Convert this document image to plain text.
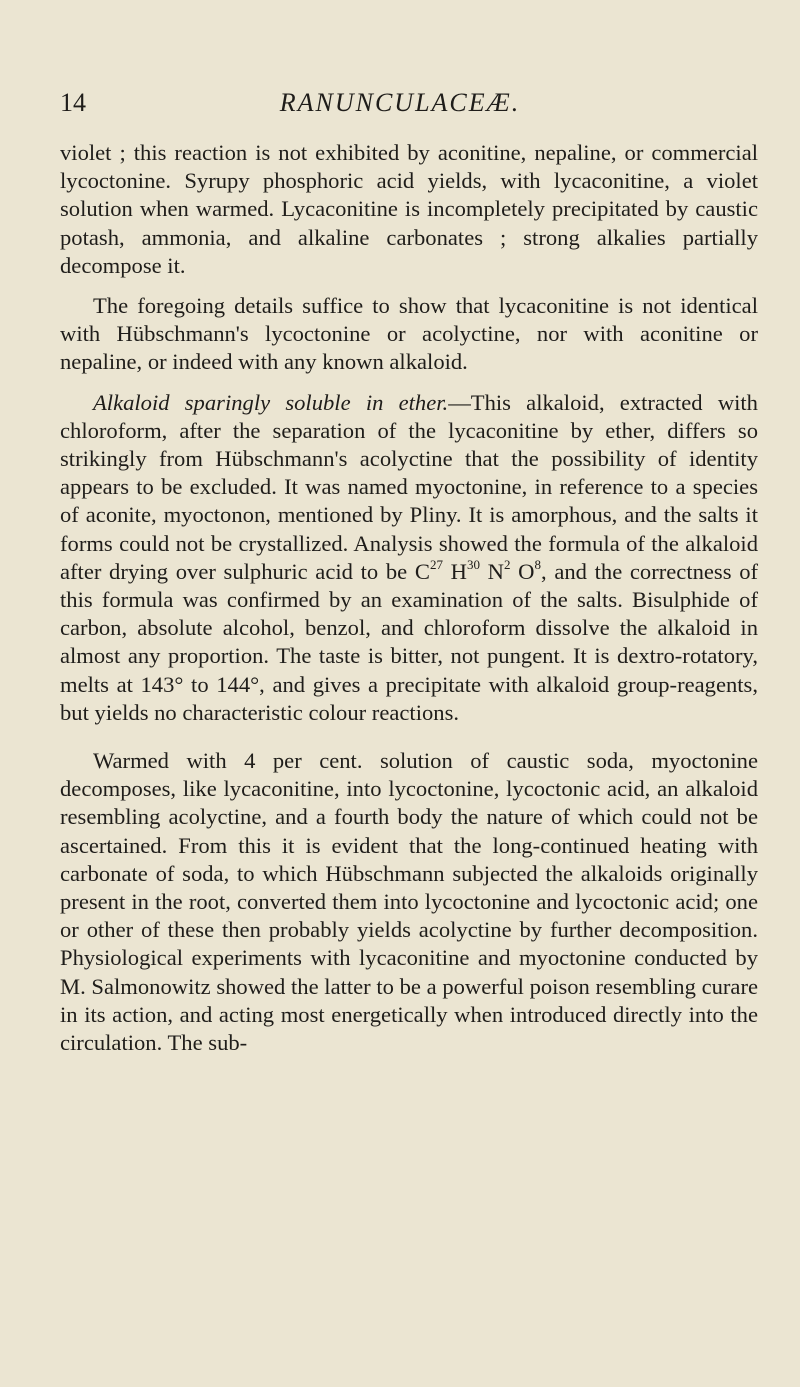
14	RANUNCULACEÆ.

violet ; this reaction is not exhibited by aconitine, nepaline, or commercial lycoctonine. Syrupy phosphoric acid yields, with lycaconitine, a violet solution when warmed. Lycaconitine is incompletely precipitated by caustic potash, ammonia, and alkaline carbonates ; strong alkalies partially decompose it.

The foregoing details suffice to show that lycaconitine is not identical with Hübschmann's lycoctonine or acolyctine, nor with aconitine or nepaline, or indeed with any known alkaloid.

Alkaloid sparingly soluble in ether.—This alkaloid, extracted with chloroform, after the separation of the lycaconitine by ether, differs so strikingly from Hübschmann's acolyctine that the possibility of identity appears to be excluded. It was named myoctonine, in reference to a species of aconite, myoctonon, mentioned by Pliny. It is amorphous, and the salts it forms could not be crystallized. Analysis showed the formula of the alkaloid after drying over sulphuric acid to be $C^{27}$ $H^{30}$ $N^2$ $O^8$, and the correctness of this formula was confirmed by an examination of the salts. Bisulphide of carbon, absolute alcohol, benzol, and chloroform dissolve the alkaloid in almost any proportion. The taste is bitter, not pungent. It is dextro-rotatory, melts at 143° to 144°, and gives a precipitate with alkaloid group-reagents, but yields no characteristic colour reactions.

Warmed with 4 per cent. solution of caustic soda, myoctonine decomposes, like lycaconitine, into lycoctonine, lycoctonic acid, an alkaloid resembling acolyctine, and a fourth body the nature of which could not be ascertained. From this it is evident that the long-continued heating with carbonate of soda, to which Hübschmann subjected the alkaloids originally present in the root, converted them into lycoctonine and lycoctonic acid; one or other of these then probably yields acolyctine by further decomposition. Physiological experiments with lycaconitine and myoctonine conducted by M. Salmonowitz showed the latter to be a powerful poison resembling curare in its action, and acting most energetically when introduced directly into the circulation. The sub-
